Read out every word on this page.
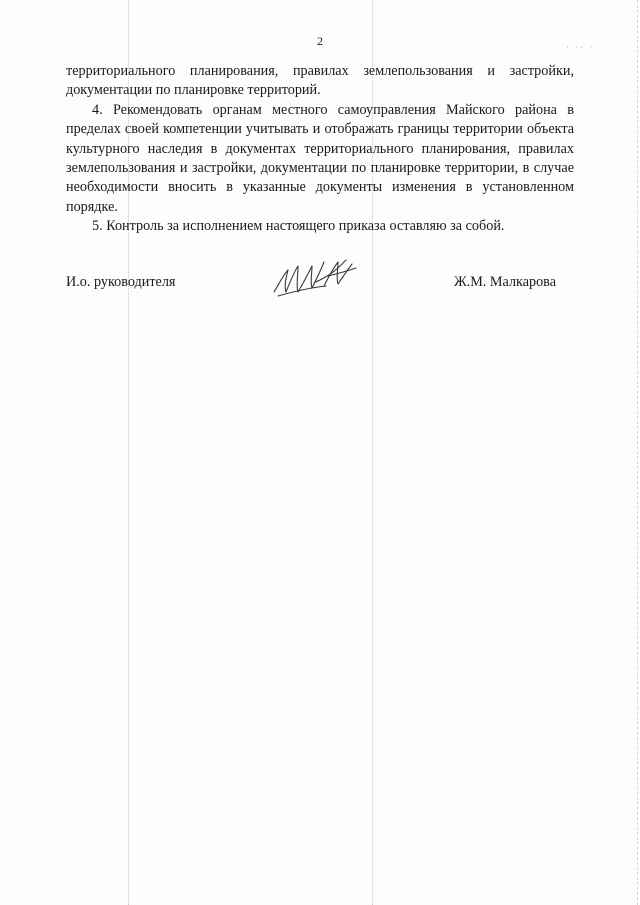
· ·‑ ·
2

территориального планирования, правилах землепользования и застройки, документации по планировке территорий.

4. Рекомендовать органам местного самоуправления Майского района в пределах своей компетенции учитывать и отображать границы территории объекта культурного наследия в документах территориального планирования, правилах землепользования и застройки, документации по планировке территории, в случае необходимости вносить в указанные документы изменения в установленном порядке.

5. Контроль за исполнением настоящего приказа оставляю за собой.

И.о. руководителя	Ж.М. Малкарова
